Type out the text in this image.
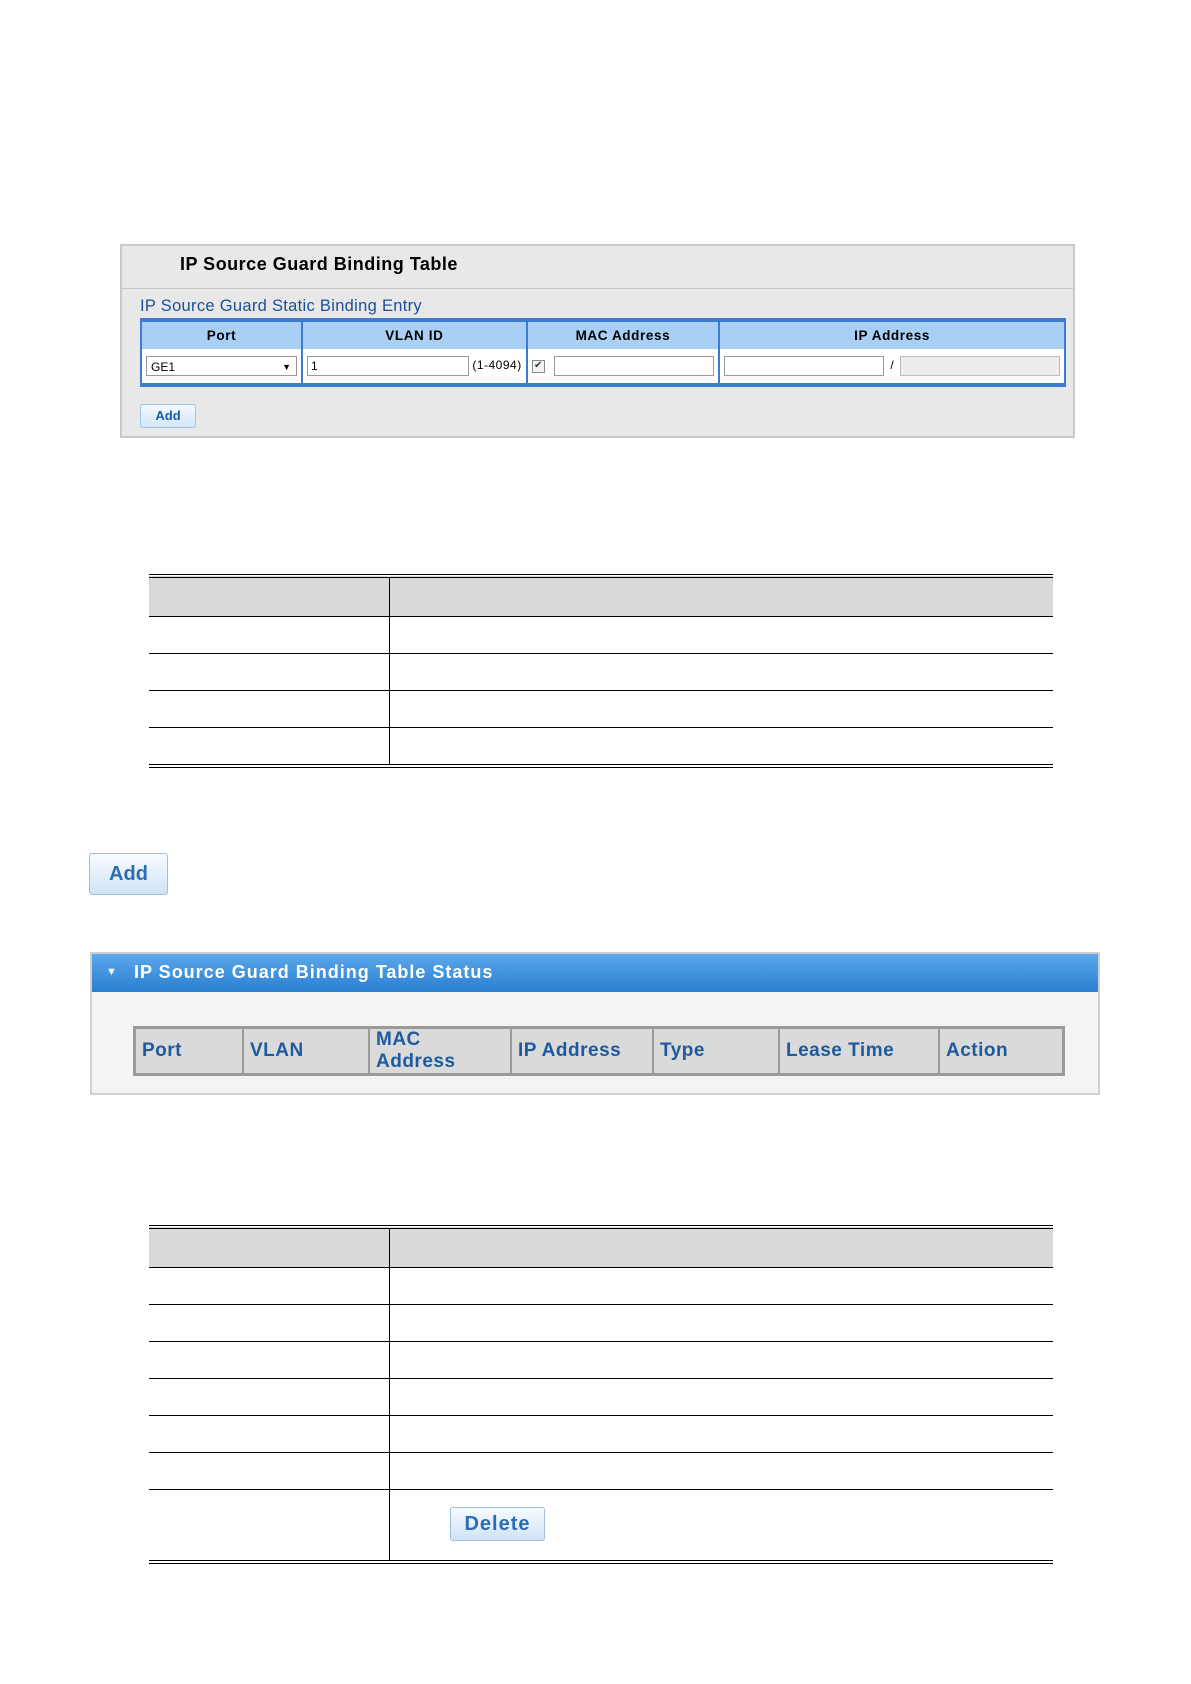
IP Source Guard Binding Table
IP Source Guard Static Binding Entry
Port	VLAN ID	MAC Address	IP Address
GE1 ▼	1 (1-4094)	✔	/
Add

Add
▼ IP Source Guard Binding Table Status
Port	VLAN	MAC Address	IP Address	Type	Lease Time	Action

	Delete
